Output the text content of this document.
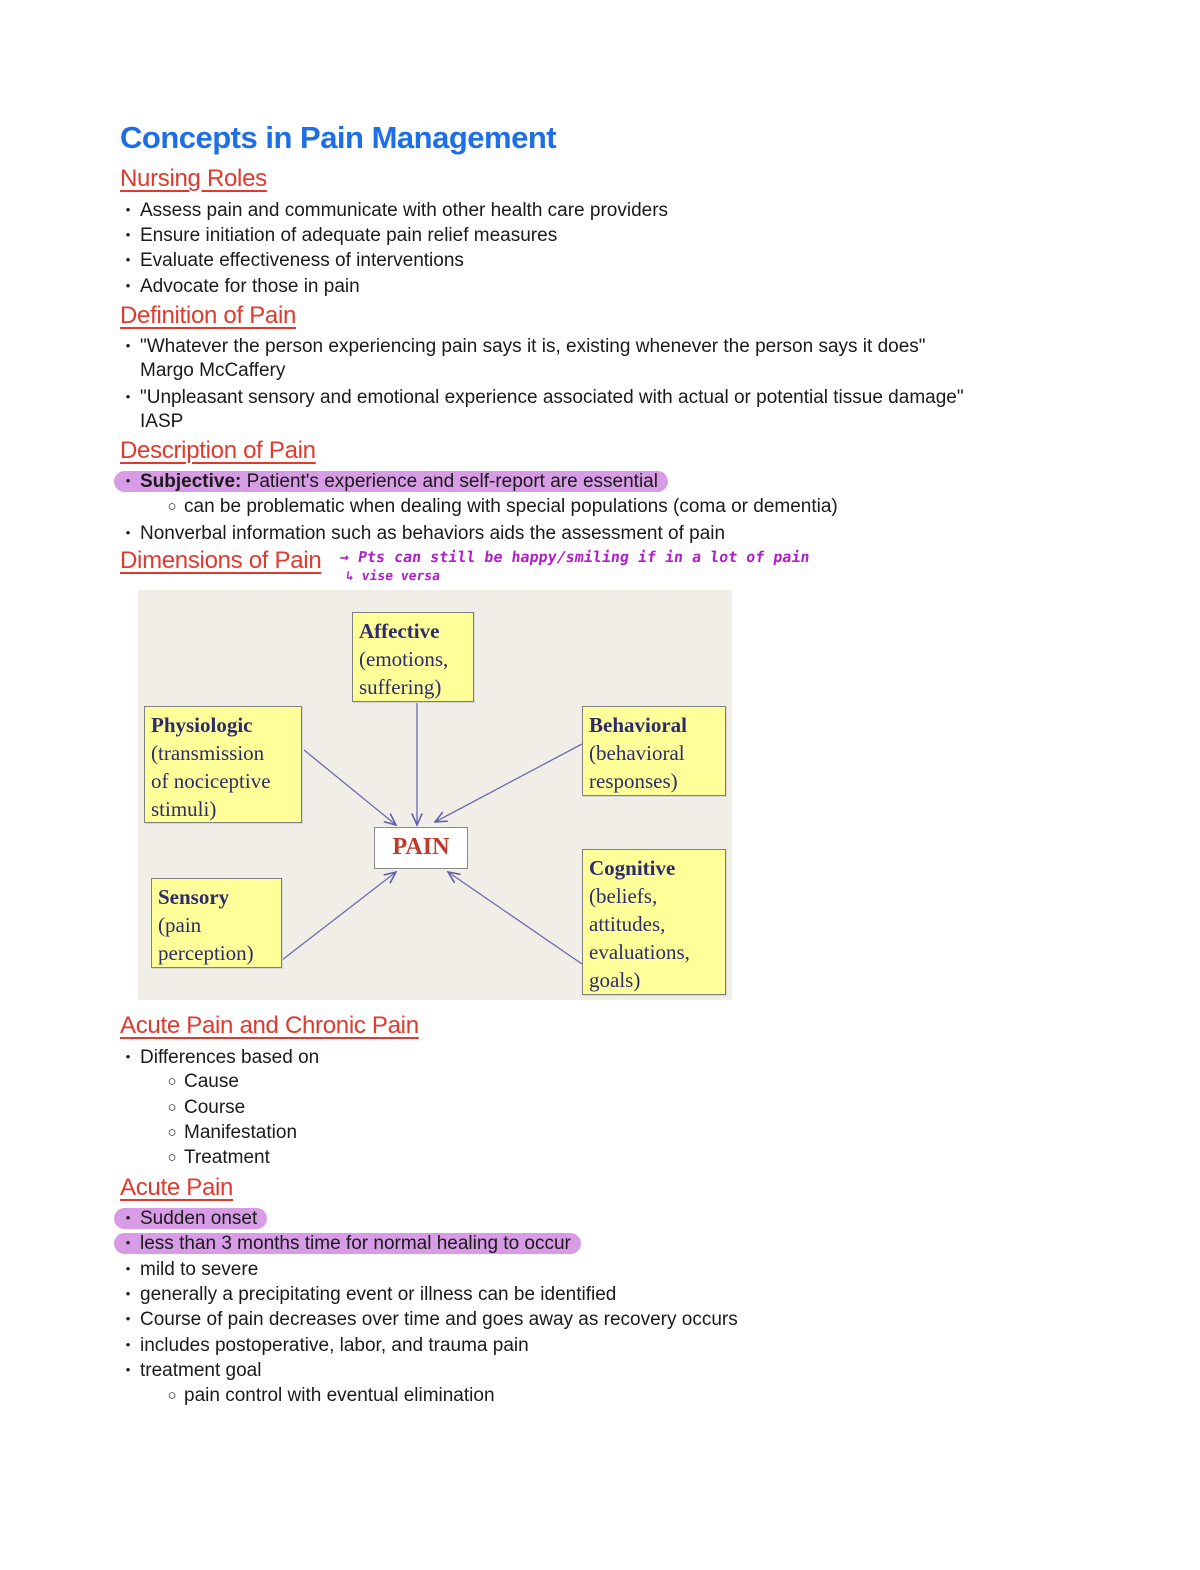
Concepts in Pain Management
Nursing Roles
• Assess pain and communicate with other health care providers
• Ensure initiation of adequate pain relief measures
• Evaluate effectiveness of interventions
• Advocate for those in pain
Definition of Pain
• "Whatever the person experiencing pain says it is, existing whenever the person says it does"
Margo McCaffery
• "Unpleasant sensory and emotional experience associated with actual or potential tissue damage"
IASP
Description of Pain
• Subjective: Patient's experience and self-report are essential
○ can be problematic when dealing with special populations (coma or dementia)
• Nonverbal information such as behaviors aids the assessment of pain
Dimensions of Pain → Pts can still be happy/smiling if in a lot of pain
↳ vise versa
Affective
(emotions,
suffering)
Physiologic
(transmission
of nociceptive
stimuli)
Behavioral
(behavioral
responses)
PAIN
Sensory
(pain
perception)
Cognitive
(beliefs,
attitudes,
evaluations,
goals)
Acute Pain and Chronic Pain
• Differences based on
○ Cause
○ Course
○ Manifestation
○ Treatment
Acute Pain
• Sudden onset
• less than 3 months time for normal healing to occur
• mild to severe
• generally a precipitating event or illness can be identified
• Course of pain decreases over time and goes away as recovery occurs
• includes postoperative, labor, and trauma pain
• treatment goal
○ pain control with eventual elimination
